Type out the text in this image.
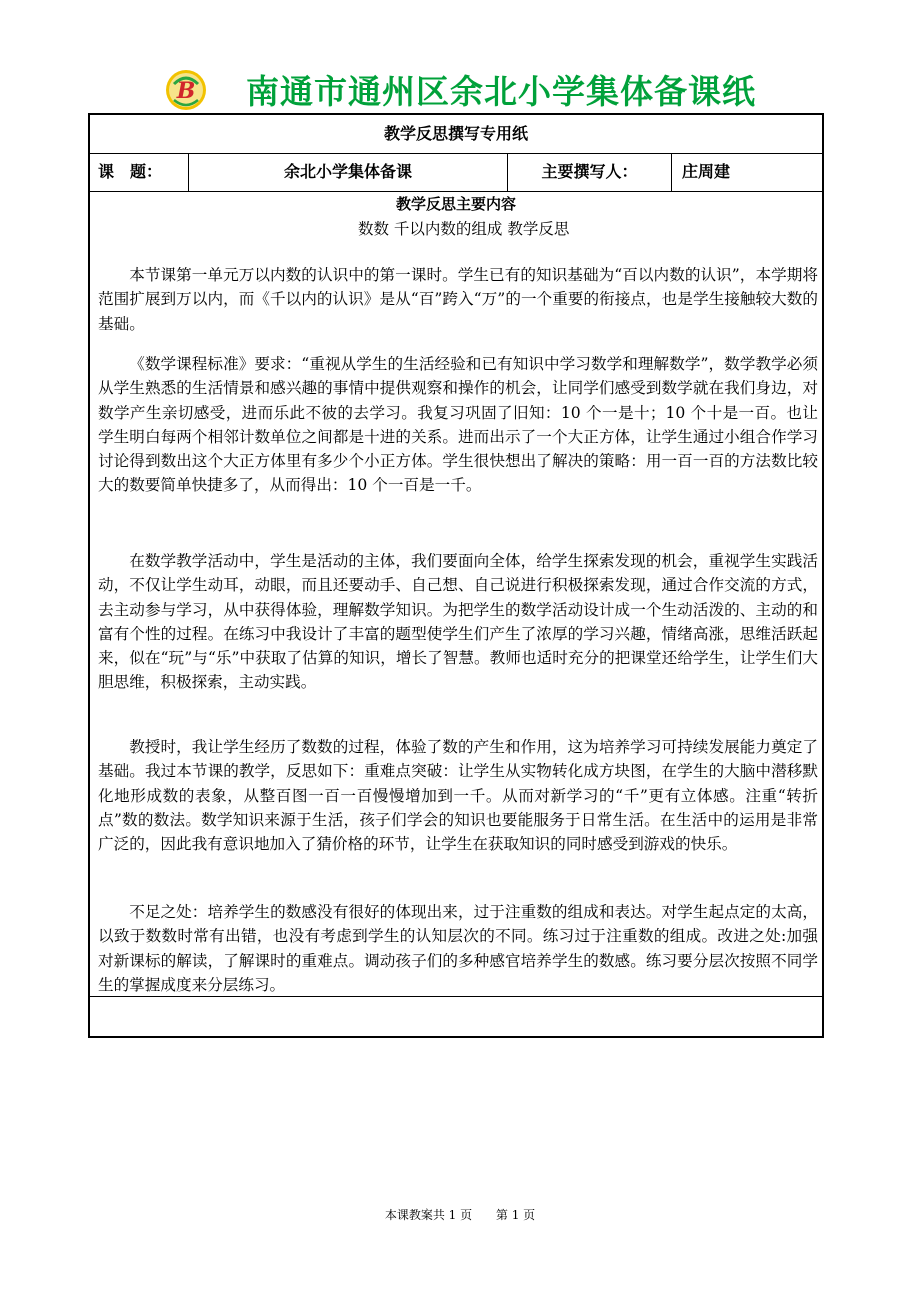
B 南通市通州区余北小学集体备课纸
教学反思撰写专用纸
课　题：	余北小学集体备课	主要撰写人：	庄周建
教学反思主要内容
数数 千以内数的组成 教学反思

本节课第一单元万以内数的认识中的第一课时。学生已有的知识基础为“百以内数的认识”，本学期将范围扩展到万以内，而《千以内的认识》是从“百”跨入“万”的一个重要的衔接点，也是学生接触较大数的基础。

《数学课程标准》要求：“重视从学生的生活经验和已有知识中学习数学和理解数学”，数学教学必须从学生熟悉的生活情景和感兴趣的事情中提供观察和操作的机会，让同学们感受到数学就在我们身边，对数学产生亲切感受，进而乐此不彼的去学习。我复习巩固了旧知：10 个一是十；10 个十是一百。也让学生明白每两个相邻计数单位之间都是十进的关系。进而出示了一个大正方体，让学生通过小组合作学习讨论得到数出这个大正方体里有多少个小正方体。学生很快想出了解决的策略：用一百一百的方法数比较大的数要简单快捷多了，从而得出：10 个一百是一千。

在数学教学活动中，学生是活动的主体，我们要面向全体，给学生探索发现的机会，重视学生实践活动，不仅让学生动耳，动眼，而且还要动手、自己想、自己说进行积极探索发现，通过合作交流的方式，去主动参与学习，从中获得体验，理解数学知识。为把学生的数学活动设计成一个生动活泼的、主动的和富有个性的过程。在练习中我设计了丰富的题型使学生们产生了浓厚的学习兴趣，情绪高涨，思维活跃起来，似在“玩”与“乐”中获取了估算的知识，增长了智慧。教师也适时充分的把课堂还给学生，让学生们大胆思维，积极探索，主动实践。

教授时，我让学生经历了数数的过程，体验了数的产生和作用，这为培养学习可持续发展能力奠定了基础。我过本节课的教学，反思如下：重难点突破：让学生从实物转化成方块图，在学生的大脑中潜移默化地形成数的表象，从整百图一百一百慢慢增加到一千。从而对新学习的“千”更有立体感。注重“转折点”数的数法。数学知识来源于生活，孩子们学会的知识也要能服务于日常生活。在生活中的运用是非常广泛的，因此我有意识地加入了猜价格的环节，让学生在获取知识的同时感受到游戏的快乐。

不足之处：培养学生的数感没有很好的体现出来，过于注重数的组成和表达。对学生起点定的太高，以致于数数时常有出错，也没有考虑到学生的认知层次的不同。练习过于注重数的组成。改进之处:加强对新课标的解读，了解课时的重难点。调动孩子们的多种感官培养学生的数感。练习要分层次按照不同学生的掌握成度来分层练习。

本课教案共 1 页 第 1 页
